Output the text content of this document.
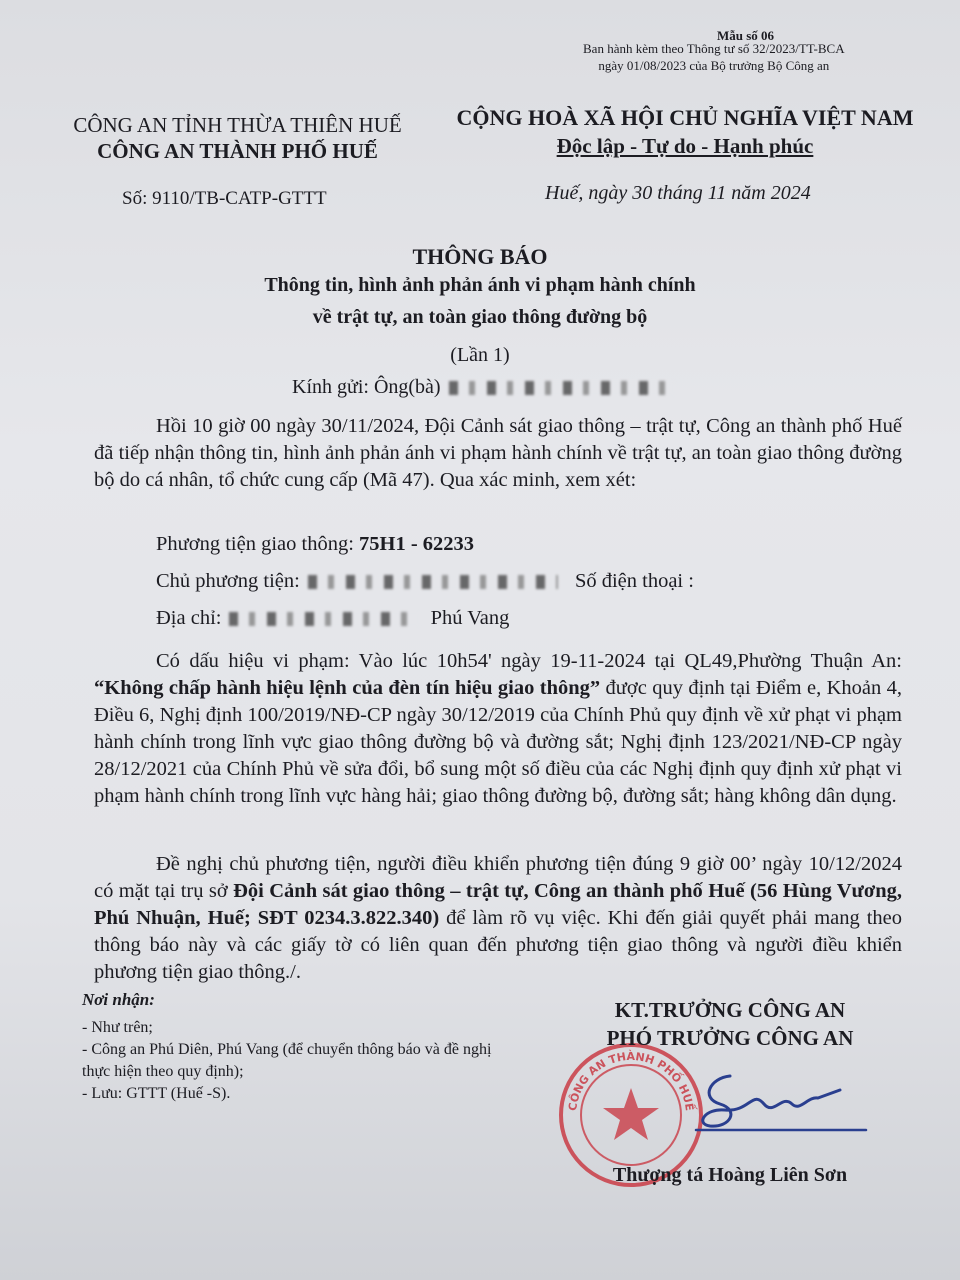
Mẫu số 06
Ban hành kèm theo Thông tư số 32/2023/TT-BCA
ngày 01/08/2023 của Bộ trưởng Bộ Công an
CÔNG AN TỈNH THỪA THIÊN HUẾ
CÔNG AN THÀNH PHỐ HUẾ
CỘNG HOÀ XÃ HỘI CHỦ NGHĨA VIỆT NAM
Độc lập - Tự do - Hạnh phúc
Số: 9110/TB-CATP-GTTT	Huế, ngày 30 tháng 11 năm 2024
THÔNG BÁO
Thông tin, hình ảnh phản ánh vi phạm hành chính
về trật tự, an toàn giao thông đường bộ
(Lần 1)
Kính gửi: Ông(bà)
Hồi 10 giờ 00 ngày 30/11/2024, Đội Cảnh sát giao thông – trật tự, Công an thành phố Huế đã tiếp nhận thông tin, hình ảnh phản ánh vi phạm hành chính về trật tự, an toàn giao thông đường bộ do cá nhân, tổ chức cung cấp (Mã 47). Qua xác minh, xem xét:
Phương tiện giao thông: 75H1 - 62233
Chủ phương tiện:	Số điện thoại :
Địa chỉ:	Phú Vang
Có dấu hiệu vi phạm: Vào lúc 10h54' ngày 19-11-2024 tại QL49,Phường Thuận An: “Không chấp hành hiệu lệnh của đèn tín hiệu giao thông” được quy định tại Điểm e, Khoản 4, Điều 6, Nghị định 100/2019/NĐ-CP ngày 30/12/2019 của Chính Phủ quy định về xử phạt vi phạm hành chính trong lĩnh vực giao thông đường bộ và đường sắt; Nghị định 123/2021/NĐ-CP ngày 28/12/2021 của Chính Phủ về sửa đổi, bổ sung một số điều của các Nghị định quy định xử phạt vi phạm hành chính trong lĩnh vực hàng hải; giao thông đường bộ, đường sắt; hàng không dân dụng.
Đề nghị chủ phương tiện, người điều khiển phương tiện đúng 9 giờ 00’ ngày 10/12/2024 có mặt tại trụ sở Đội Cảnh sát giao thông – trật tự, Công an thành phố Huế (56 Hùng Vương, Phú Nhuận, Huế; SĐT 0234.3.822.340) để làm rõ vụ việc. Khi đến giải quyết phải mang theo thông báo này và các giấy tờ có liên quan đến phương tiện giao thông và người điều khiển phương tiện giao thông./.
Nơi nhận:
- Như trên;
- Công an Phú Diên, Phú Vang (để chuyển thông báo và đề nghị thực hiện theo quy định);
- Lưu: GTTT (Huế -S).
CÔNG AN THÀNH PHỐ HUẾ
KT.TRƯỞNG CÔNG AN
PHÓ TRƯỞNG CÔNG AN
Thượng tá Hoàng Liên Sơn
